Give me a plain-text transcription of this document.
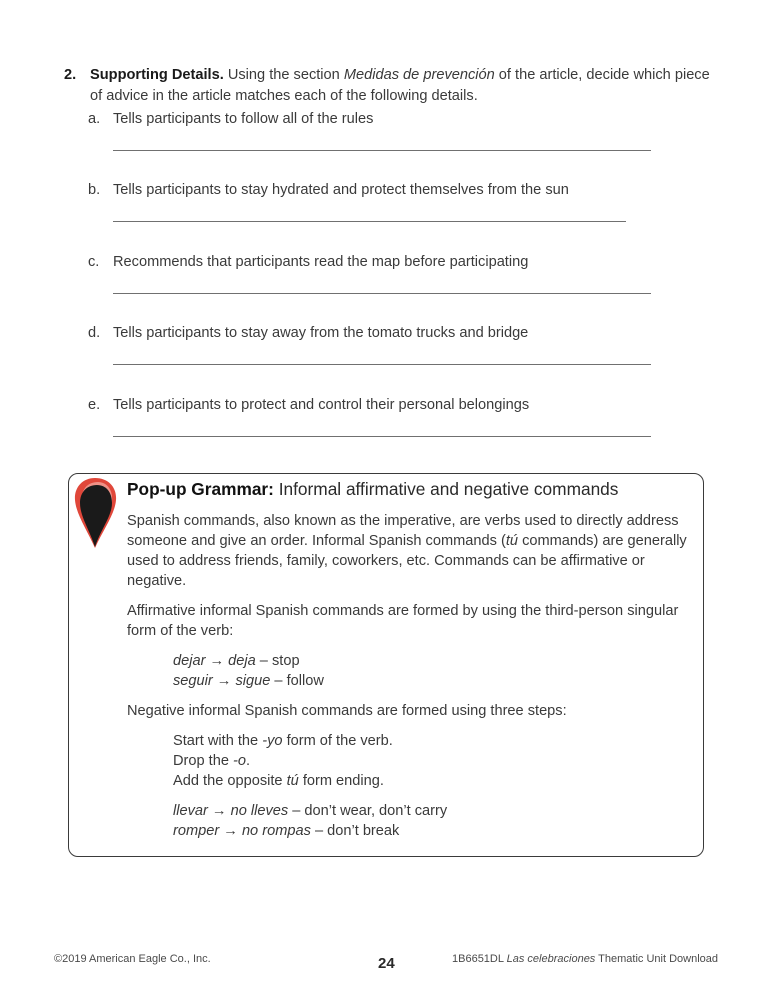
2. Supporting Details. Using the section Medidas de prevención of the article, decide which piece of advice in the article matches each of the following details.
a. Tells participants to follow all of the rules
b. Tells participants to stay hydrated and protect themselves from the sun
c. Recommends that participants read the map before participating
d. Tells participants to stay away from the tomato trucks and bridge
e. Tells participants to protect and control their personal belongings
Pop-up Grammar: Informal affirmative and negative commands

Spanish commands, also known as the imperative, are verbs used to directly address someone and give an order. Informal Spanish commands (tú commands) are generally used to address friends, family, coworkers, etc. Commands can be affirmative or negative.

Affirmative informal Spanish commands are formed by using the third-person singular form of the verb:

dejar → deja – stop
seguir → sigue – follow

Negative informal Spanish commands are formed using three steps:

Start with the -yo form of the verb.
Drop the -o.
Add the opposite tú form ending.
llevar → no lleves – don’t wear, don’t carry
romper → no rompas – don’t break
©2019 American Eagle Co., Inc.	24	1B6651DL Las celebraciones Thematic Unit Download
